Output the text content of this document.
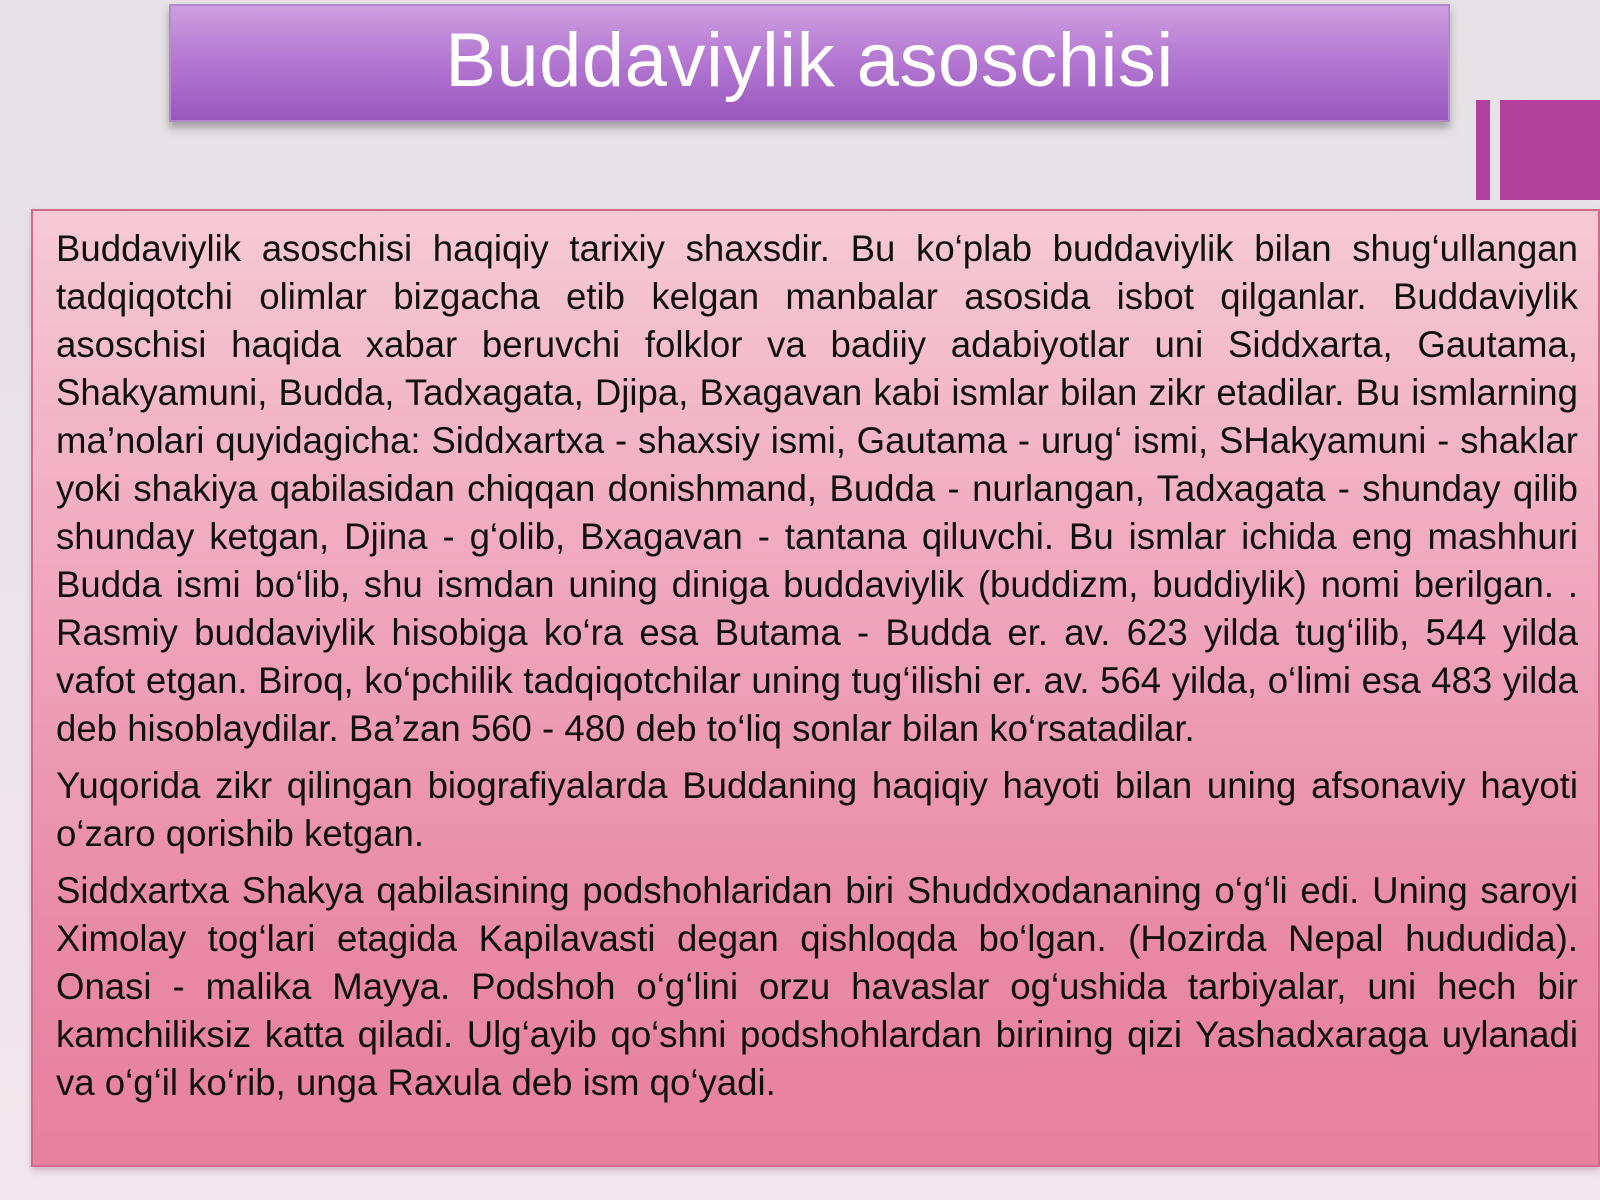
Buddaviylik asoschisi

Buddaviylik asoschisi haqiqiy tarixiy shaxsdir. Bu ko‘plab buddaviylik bilan shug‘ullangan tadqiqotchi olimlar bizgacha etib kelgan manbalar asosida isbot qilganlar. Buddaviylik asoschisi haqida xabar beruvchi folklor va badiiy adabiyotlar uni Siddxarta, Gautama, Shakyamuni, Budda, Tadxagata, Djipa, Bxagavan kabi ismlar bilan zikr etadilar. Bu ismlarning ma’nolari quyidagicha: Siddxartxa - shaxsiy ismi, Gautama - urug‘ ismi, SHakyamuni - shaklar yoki shakiya qabilasidan chiqqan donishmand, Budda - nurlangan, Tadxagata - shunday qilib shunday ketgan, Djina - g‘olib, Bxagavan - tantana qiluvchi. Bu ismlar ichida eng mashhuri Budda ismi bo‘lib, shu ismdan uning diniga buddaviylik (buddizm, buddiylik) nomi berilgan. . Rasmiy buddaviylik hisobiga ko‘ra esa Butama - Budda er. av. 623 yilda tug‘ilib, 544 yilda vafot etgan. Biroq, ko‘pchilik tadqiqotchilar uning tug‘ilishi er. av. 564 yilda, o‘limi esa 483 yilda deb hisoblaydilar. Ba’zan 560 - 480 deb to‘liq sonlar bilan ko‘rsatadilar.

Yuqorida zikr qilingan biografiyalarda Buddaning haqiqiy hayoti bilan uning afsonaviy hayoti o‘zaro qorishib ketgan.

Siddxartxa Shakya qabilasining podshohlaridan biri Shuddxodananing o‘g‘li edi. Uning saroyi Ximolay tog‘lari etagida Kapilavasti degan qishloqda bo‘lgan. (Hozirda Nepal hududida). Onasi - malika Mayya. Podshoh o‘g‘lini orzu havaslar og‘ushida tarbiyalar, uni hech bir kamchiliksiz katta qiladi. Ulg‘ayib qo‘shni podshohlardan birining qizi Yashadxaraga uylanadi va o‘g‘il ko‘rib, unga Raxula deb ism qo‘yadi.
